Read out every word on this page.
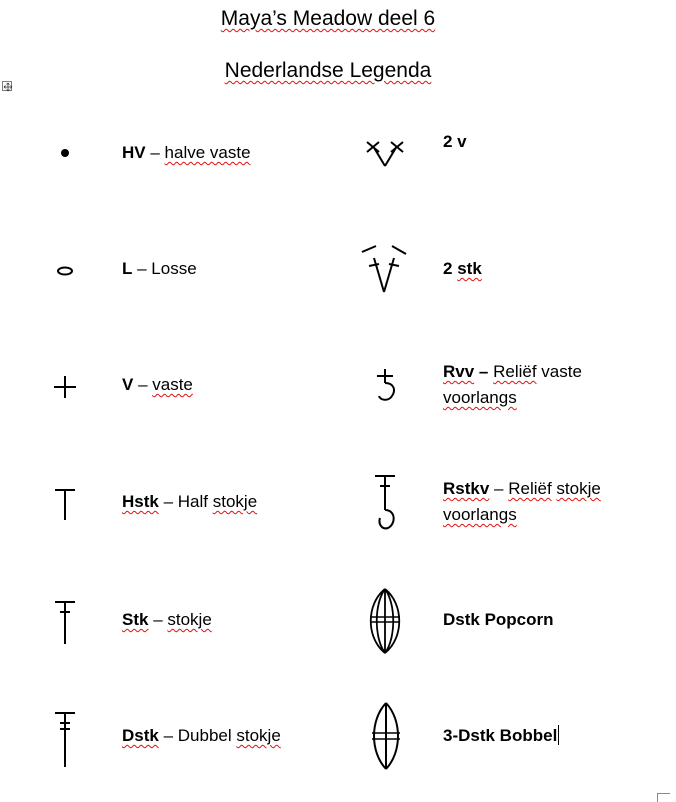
Maya’s Meadow deel 6
Nederlandse Legenda
HV – halve vaste
L – Losse
V – vaste
Hstk – Half stokje
Stk – stokje
Dstk – Dubbel stokje
2 v
2 stk
Rvv – Reliëf vaste
voorlangs
Rstkv – Reliëf stokje
voorlangs
Dstk Popcorn
3-Dstk Bobbel
